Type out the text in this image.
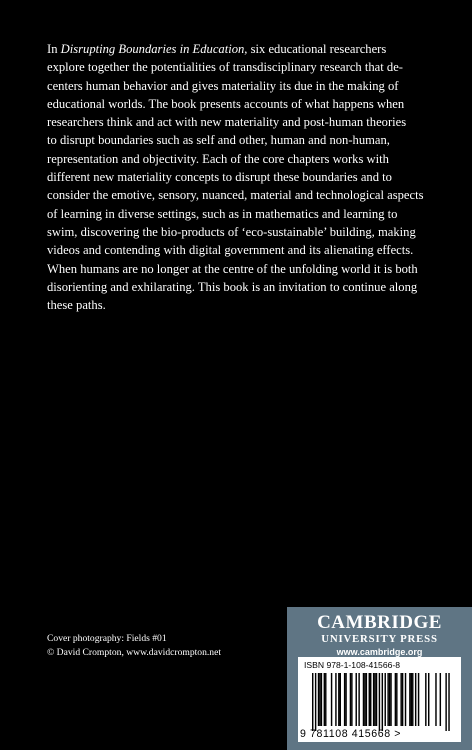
In Disrupting Boundaries in Education, six educational researchers
explore together the potentialities of transdisciplinary research that de-
centers human behavior and gives materiality its due in the making of
educational worlds. The book presents accounts of what happens when
researchers think and act with new materiality and post-human theories
to disrupt boundaries such as self and other, human and non-human,
representation and objectivity. Each of the core chapters works with
different new materiality concepts to disrupt these boundaries and to
consider the emotive, sensory, nuanced, material and technological aspects
of learning in diverse settings, such as in mathematics and learning to
swim, discovering the bio-products of ‘eco-sustainable’ building, making
videos and contending with digital government and its alienating effects.
When humans are no longer at the centre of the unfolding world it is both
disorienting and exhilarating. This book is an invitation to continue along
these paths.
Cover photography: Fields #01
© David Crompton, www.davidcrompton.net
CAMBRIDGE
UNIVERSITY PRESS
www.cambridge.org
ISBN 978-1-108-41566-8
9 781108 415668 >
